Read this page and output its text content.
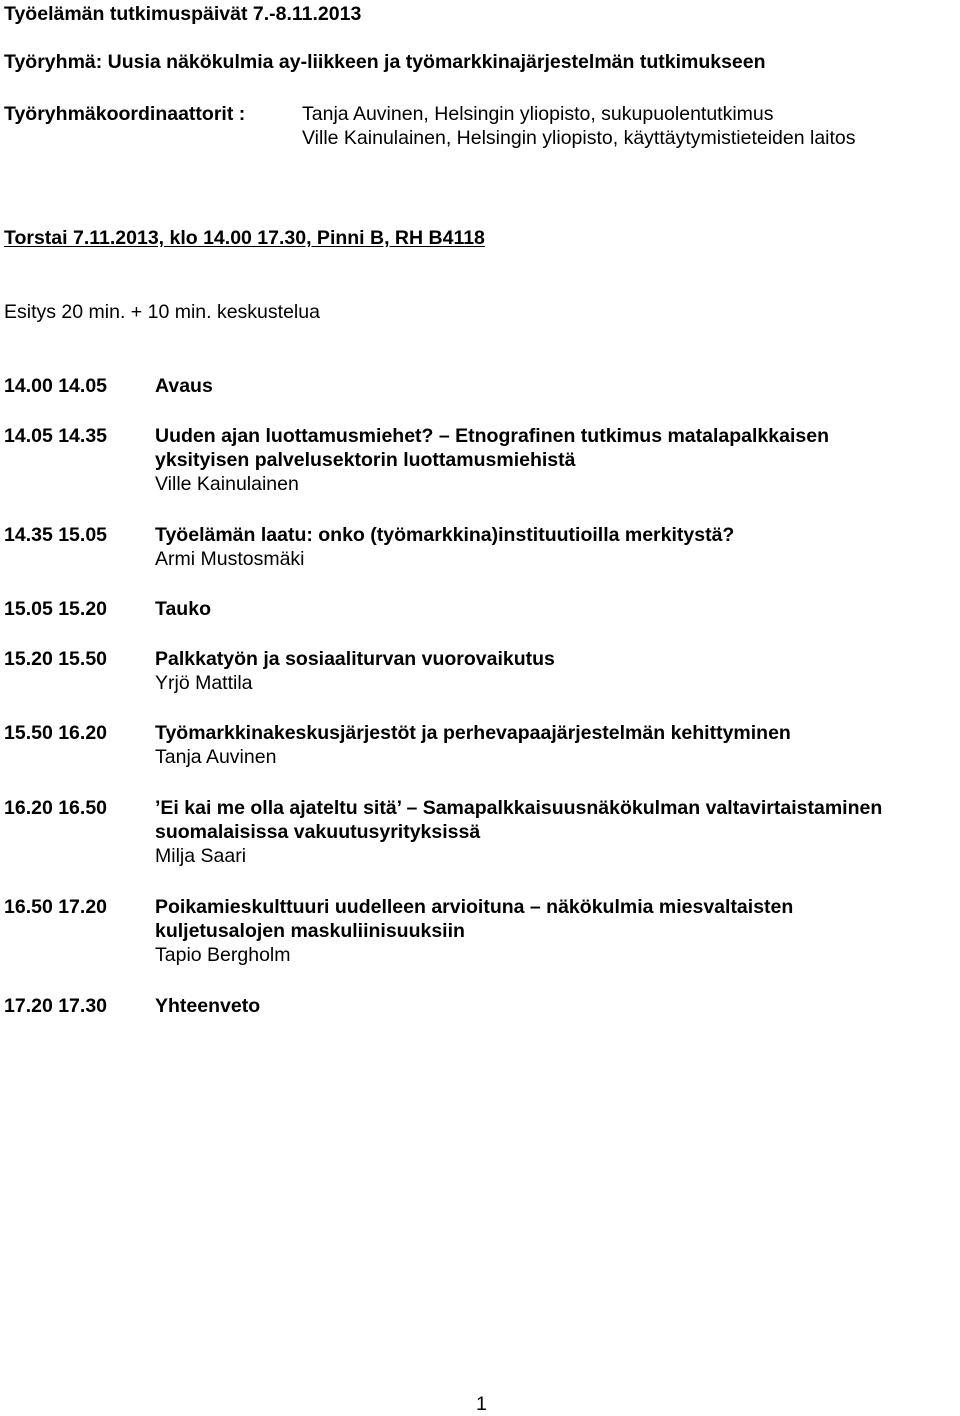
Työelämän tutkimuspäivät 7.-8.11.2013
Työryhmä: Uusia näkökulmia ay-liikkeen ja työmarkkinajärjestelmän tutkimukseen
Työryhmäkoordinaattorit :	Tanja Auvinen, Helsingin yliopisto, sukupuolentutkimus
Ville Kainulainen, Helsingin yliopisto, käyttäytymistieteiden laitos
Torstai 7.11.2013, klo 14.00 17.30, Pinni B, RH B4118
Esitys 20 min. + 10 min. keskustelua
14.00 14.05 Avaus
14.05 14.35 Uuden ajan luottamusmiehet? – Etnografinen tutkimus matalapalkkaisen
yksityisen palvelusektorin luottamusmiehistä
Ville Kainulainen
14.35 15.05 Työelämän laatu: onko (työmarkkina)instituutioilla merkitystä?
Armi Mustosmäki
15.05 15.20 Tauko
15.20 15.50 Palkkatyön ja sosiaaliturvan vuorovaikutus
Yrjö Mattila
15.50 16.20 Työmarkkinakeskusjärjestöt ja perhevapaajärjestelmän kehittyminen
Tanja Auvinen
16.20 16.50 ’Ei kai me olla ajateltu sitä’ – Samapalkkaisuusnäkökulman valtavirtaistaminen
suomalaisissa vakuutusyrityksissä
Milja Saari
16.50 17.20 Poikamieskulttuuri uudelleen arvioituna – näkökulmia miesvaltaisten
kuljetusalojen maskuliinisuuksiin
Tapio Bergholm
17.20 17.30 Yhteenveto
1
